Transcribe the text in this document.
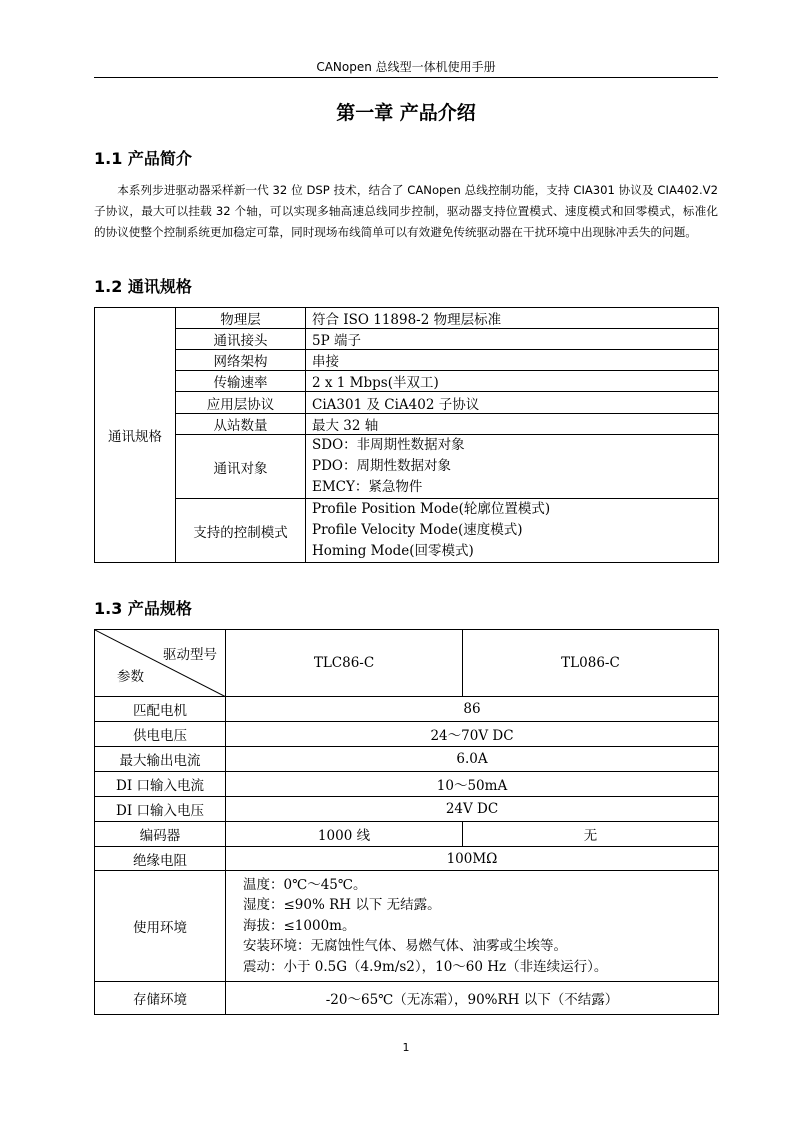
CANopen 总线型一体机使用手册
第一章 产品介绍
1.1 产品简介
本系列步进驱动器采样新一代 32 位 DSP 技术，结合了 CANopen 总线控制功能，支持 CIA301 协议及 CIA402.V2 子协议，最大可以挂载 32 个轴，可以实现多轴高速总线同步控制，驱动器支持位置模式、速度模式和回零模式，标准化的协议使整个控制系统更加稳定可靠，同时现场布线简单可以有效避免传统驱动器在干扰环境中出现脉冲丢失的问题。
1.2 通讯规格
通讯规格	物理层	符合 ISO 11898-2 物理层标准
	通讯接头	5P 端子
	网络架构	串接
	传输速率	2 x 1 Mbps(半双工)
	应用层协议	CiA301 及 CiA402 子协议
	从站数量	最大 32 轴
	通讯对象	SDO：非周期性数据对象
PDO：周期性数据对象
EMCY：紧急物件

	支持的控制模式	Profile Position Mode(轮廓位置模式)
Profile Velocity Mode(速度模式)
Homing Mode(回零模式)
1.3 产品规格
驱动型号
参数	TLC86-C	TL086-C
匹配电机	86	
供电电压	24～70V DC	
最大输出电流	6.0A	
DI 口输入电流	10～50mA	
DI 口输入电压	24V DC	
编码器	1000 线	无
绝缘电阻	100MΩ	
使用环境	温度：0℃～45℃。
湿度：≤90% RH 以下 无结露。
海拔：≤1000m。
安装环境：无腐蚀性气体、易燃气体、油雾或尘埃等。
震动：小于 0.5G（4.9m/s2），10～60 Hz（非连续运行）。	

存储环境	-20～65℃（无冻霜），90%RH 以下（不结露）	
1
